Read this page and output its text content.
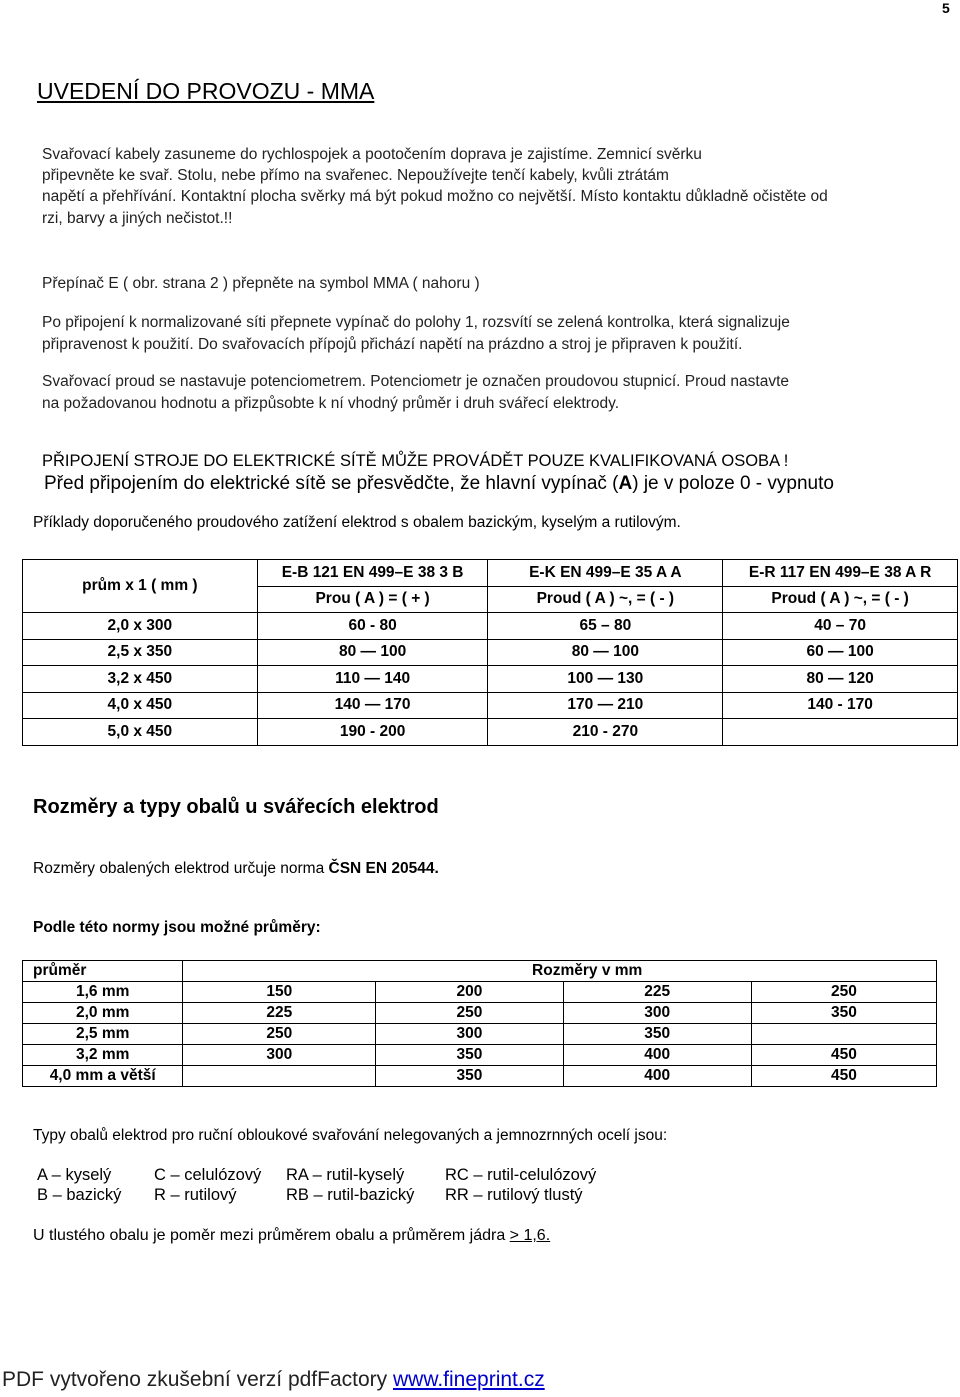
5
UVEDENÍ DO PROVOZU - MMA
Svařovací kabely zasuneme do rychlospojek a pootočením doprava je zajistíme. Zemnicí svěrku
připevněte ke svař. Stolu, nebe přímo na svařenec. Nepoužívejte tenčí kabely, kvůli ztrátám
napětí a přehřívání. Kontaktní plocha svěrky má být pokud možno co největší. Místo kontaktu důkladně očistěte od
rzi, barvy a jiných nečistot.!!
Přepínač E ( obr. strana 2 ) přepněte na symbol MMA ( nahoru )
Po připojení k normalizované síti přepnete vypínač do polohy 1, rozsvítí se zelená kontrolka, která signalizuje
připravenost k použití. Do svařovacích přípojů přichází napětí na prázdno a stroj je připraven k použití.
Svařovací proud se nastavuje potenciometrem. Potenciometr je označen proudovou stupnicí. Proud nastavte
na požadovanou hodnotu a přizpůsobte k ní vhodný průměr i druh svářecí elektrody.
PŘIPOJENÍ STROJE DO ELEKTRICKÉ SÍTĚ MŮŽE PROVÁDĚT POUZE KVALIFIKOVANÁ OSOBA !
Před připojením do elektrické sítě se přesvědčte, že hlavní vypínač (A) je v poloze 0 - vypnuto
Příklady doporučeného proudového zatížení elektrod s obalem bazickým, kyselým a rutilovým.
prům x 1 ( mm )	E-B 121 EN 499–E 38 3 B	E-K EN 499–E 35 A A	E-R 117 EN 499–E 38 A R
	Prou ( A ) = ( + )	Proud ( A ) ~, = ( - )	Proud ( A ) ~, = ( - )
2,0 x 300	60 - 80	65 – 80	40 – 70
2,5 x 350	80 — 100	80 — 100	60 — 100
3,2 x 450	110 — 140	100 — 130	80 — 120
4,0 x 450	140 — 170	170 — 210	140 - 170
5,0 x 450	190 - 200	210 - 270	
Rozměry a typy obalů u svářecích elektrod
Rozměry obalených elektrod určuje norma ČSN EN 20544.
Podle této normy jsou možné průměry:
průměr	Rozměry v mm			
1,6 mm	150	200	225	250
2,0 mm	225	250	300	350
2,5 mm	250	300	350	
3,2 mm	300	350	400	450
4,0 mm a větší		350	400	450
Typy obalů elektrod pro ruční obloukové svařování nelegovaných a jemnozrnných ocelí jsou:
A – kyselý	C – celulózový RA – rutil-kyselý RC – rutil-celulózový
B – bazický R – rutilový	RB – rutil-bazický RR – rutilový tlustý
U tlustého obalu je poměr mezi průměrem obalu a průměrem jádra > 1,6.
PDF vytvořeno zkušební verzí pdfFactory www.fineprint.cz
